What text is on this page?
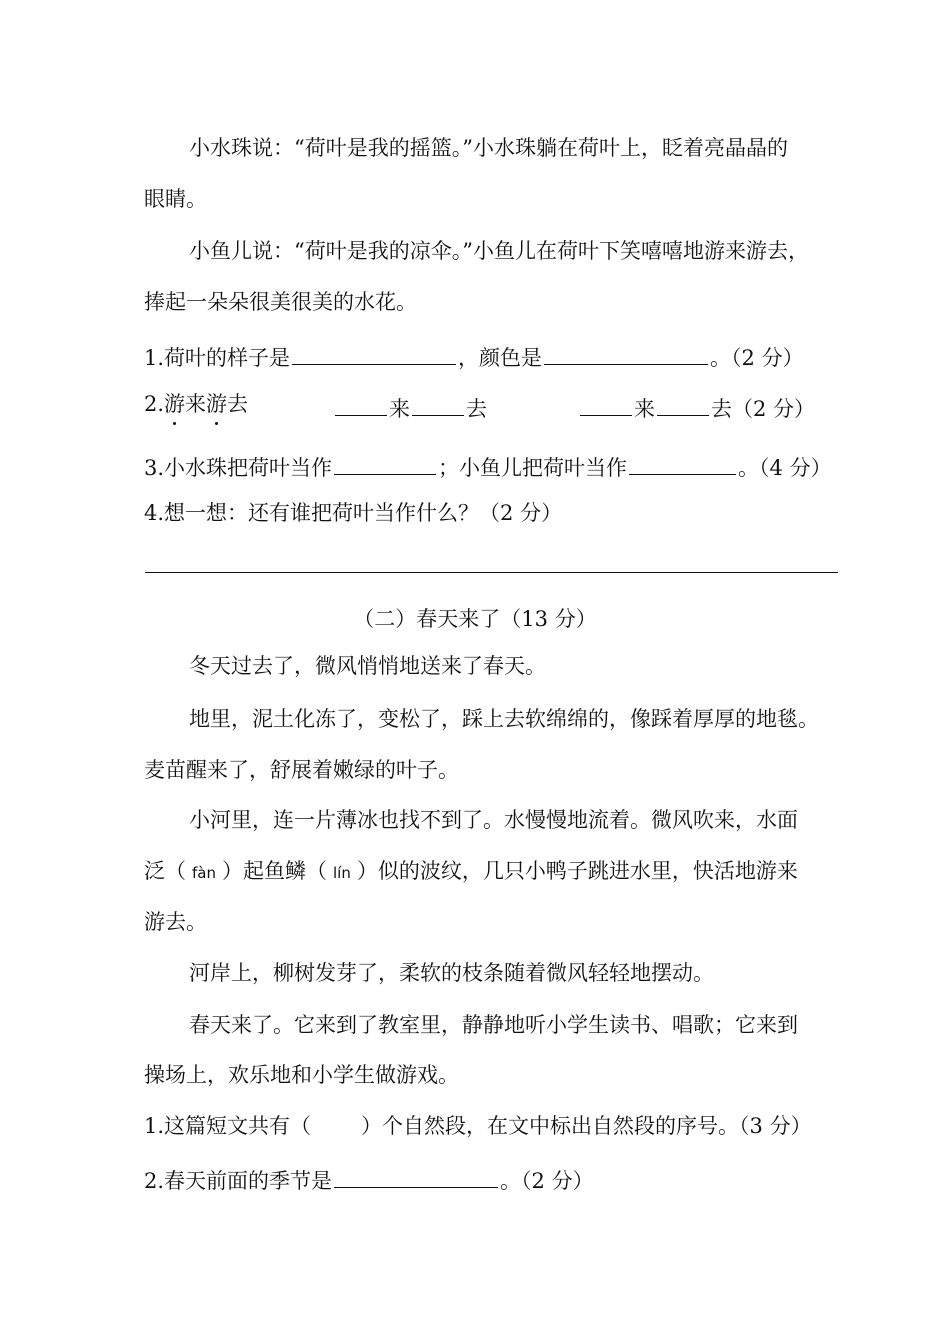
小水珠说：“荷叶是我的摇篮。”小水珠躺在荷叶上，眨着亮晶晶的
眼睛。
小鱼儿说：“荷叶是我的凉伞。”小鱼儿在荷叶下笑嘻嘻地游来游去，
捧起一朵朵很美很美的水花。
1.荷叶的样子是	，颜色是	。（2 分）
2.游来游去	来	去	来	去（2 分）
3.小水珠把荷叶当作	；小鱼儿把荷叶当作	。（4 分）
4.想一想：还有谁把荷叶当作什么？（2 分）
（二）春天来了（13 分）
冬天过去了，微风悄悄地送来了春天。
地里，泥土化冻了，变松了，踩上去软绵绵的，像踩着厚厚的地毯。
麦苗醒来了，舒展着嫩绿的叶子。
小河里，连一片薄冰也找不到了。水慢慢地流着。微风吹来，水面
泛（ fàn ）起鱼鳞（ lín ）似的波纹，几只小鸭子跳进水里，快活地游来
游去。
河岸上，柳树发芽了，柔软的枝条随着微风轻轻地摆动。
春天来了。它来到了教室里，静静地听小学生读书、唱歌；它来到
操场上，欢乐地和小学生做游戏。
1.这篇短文共有（ ）个自然段，在文中标出自然段的序号。（3 分）
2.春天前面的季节是	。（2 分）
